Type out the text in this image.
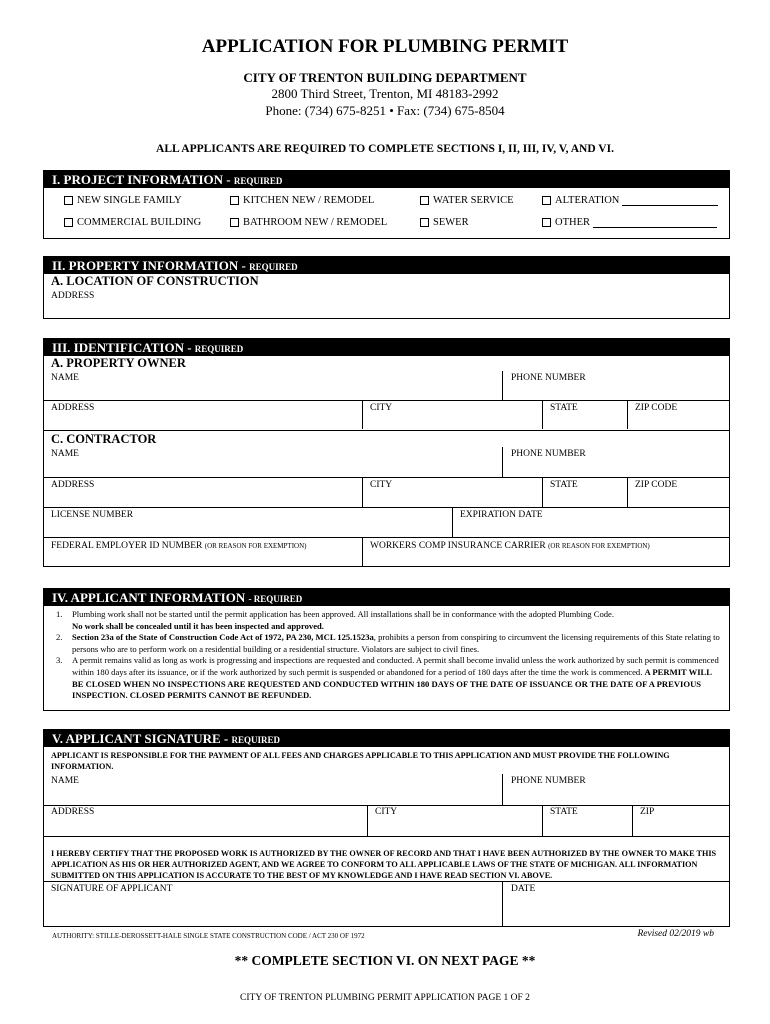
APPLICATION FOR PLUMBING PERMIT
CITY OF TRENTON BUILDING DEPARTMENT
2800 Third Street, Trenton, MI 48183-2992
Phone: (734) 675-8251 • Fax: (734) 675-8504
ALL APPLICANTS ARE REQUIRED TO COMPLETE SECTIONS I, II, III, IV, V, AND VI.
I. PROJECT INFORMATION - REQUIRED
NEW SINGLE FAMILY	KITCHEN NEW / REMODEL	WATER SERVICE	ALTERATION
COMMERCIAL BUILDING	BATHROOM NEW / REMODEL	SEWER	OTHER
II. PROPERTY INFORMATION - REQUIRED
A. LOCATION OF CONSTRUCTION
ADDRESS
III. IDENTIFICATION - REQUIRED
A. PROPERTY OWNER
NAME	PHONE NUMBER
ADDRESS	CITY	STATE	ZIP CODE
C. CONTRACTOR
NAME	PHONE NUMBER
ADDRESS	CITY	STATE	ZIP CODE
LICENSE NUMBER	EXPIRATION DATE
FEDERAL EMPLOYER ID NUMBER (OR REASON FOR EXEMPTION)	WORKERS COMP INSURANCE CARRIER (OR REASON FOR EXEMPTION)
IV. APPLICANT INFORMATION - REQUIRED
1. Plumbing work shall not be started until the permit application has been approved. All installations shall be in conformance with the adopted Plumbing Code.
No work shall be concealed until it has been inspected and approved.
2. Section 23a of the State of Construction Code Act of 1972, PA 230, MCL 125.1523a, prohibits a person from conspiring to circumvent the licensing requirements of this State relating to persons who are to perform work on a residential building or a residential structure. Violators are subject to civil fines.
3. A permit remains valid as long as work is progressing and inspections are requested and conducted. A permit shall become invalid unless the work authorized by such permit is commenced within 180 days after its issuance, or if the work authorized by such permit is suspended or abandoned for a period of 180 days after the time the work is commenced. A PERMIT WILL BE CLOSED WHEN NO INSPECTIONS ARE REQUESTED AND CONDUCTED WITHIN 180 DAYS OF THE DATE OF ISSUANCE OR THE DATE OF A PREVIOUS INSPECTION. CLOSED PERMITS CANNOT BE REFUNDED.
V. APPLICANT SIGNATURE - REQUIRED
APPLICANT IS RESPONSIBLE FOR THE PAYMENT OF ALL FEES AND CHARGES APPLICABLE TO THIS APPLICATION AND MUST PROVIDE THE FOLLOWING INFORMATION.
NAME	PHONE NUMBER
ADDRESS	CITY	STATE	ZIP
I HEREBY CERTIFY THAT THE PROPOSED WORK IS AUTHORIZED BY THE OWNER OF RECORD AND THAT I HAVE BEEN AUTHORIZED BY THE OWNER TO MAKE THIS APPLICATION AS HIS OR HER AUTHORIZED AGENT, AND WE AGREE TO CONFORM TO ALL APPLICABLE LAWS OF THE STATE OF MICHIGAN. ALL INFORMATION SUBMITTED ON THIS APPLICATION IS ACCURATE TO THE BEST OF MY KNOWLEDGE AND I HAVE READ SECTION VI. ABOVE.
SIGNATURE OF APPLICANT	DATE
AUTHORITY: STILLE-DEROSSETT-HALE SINGLE STATE CONSTRUCTION CODE / ACT 230 OF 1972	Revised 02/2019 wb
** COMPLETE SECTION VI. ON NEXT PAGE **
CITY OF TRENTON PLUMBING PERMIT APPLICATION PAGE 1 OF 2
